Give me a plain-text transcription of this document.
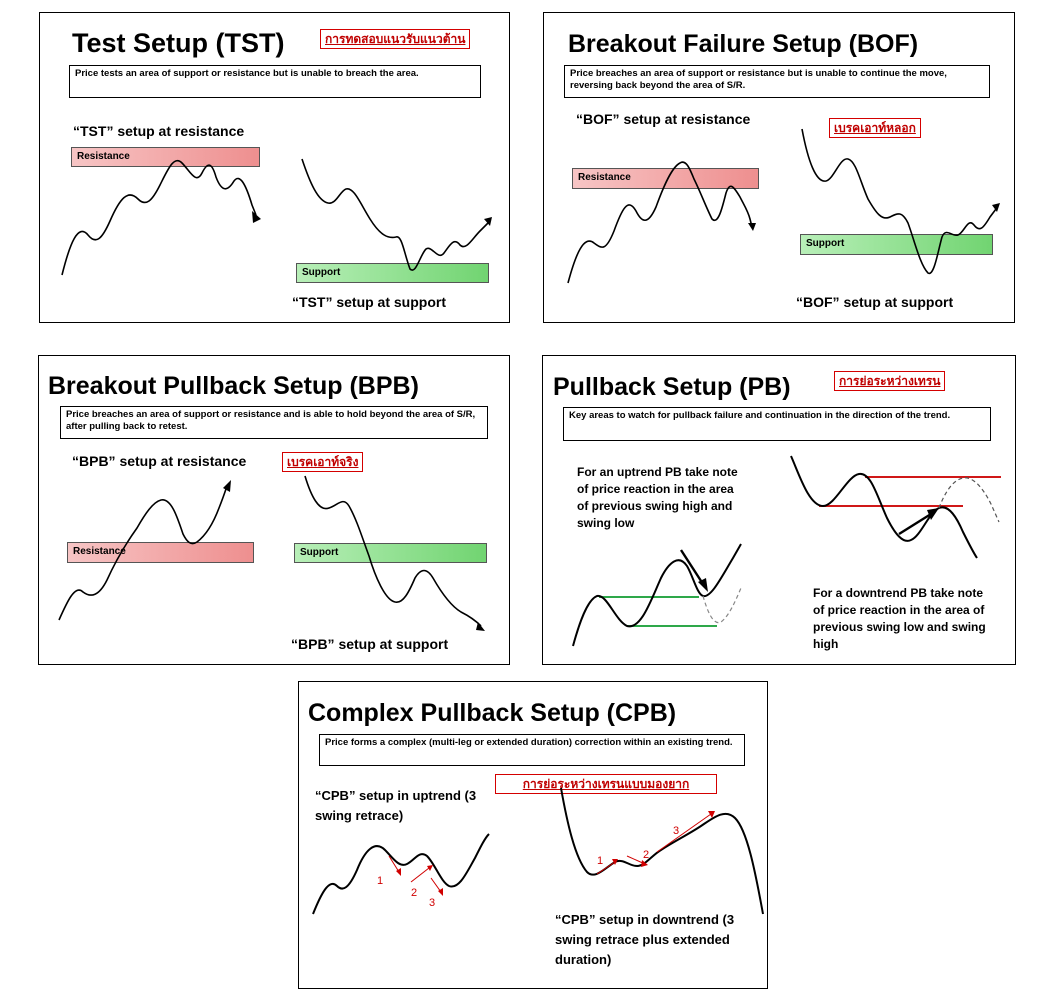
Test Setup (TST)	การทดสอบแนวรับแนวต้าน
Price tests an area of support or resistance but is unable to breach the area.
“TST” setup at resistance
Resistance
Support
“TST” setup at support
Breakout Failure Setup (BOF)
Price breaches an area of support or resistance but is unable to continue the move, reversing back beyond the area of S/R.
“BOF” setup at resistance
เบรคเอาท์หลอก
Resistance
Support
“BOF” setup at support
Breakout Pullback Setup (BPB)
Price breaches an area of support or resistance and is able to hold beyond the area of S/R, after pulling back to retest.
“BPB” setup at resistance	เบรคเอาท์จริง
Resistance	Support
“BPB” setup at support
Pullback Setup (PB)	การย่อระหว่างเทรน
Key areas to watch for pullback failure and continuation in the direction of the trend.
For an uptrend PB take note of price reaction in the area of previous swing high and swing low
For a downtrend PB take note of price reaction in the area of previous swing low and swing high
Complex Pullback Setup (CPB)
Price forms a complex (multi-leg or extended duration) correction within an existing trend.
การย่อระหว่างเทรนแบบมองยาก
“CPB” setup in uptrend (3 swing retrace)
“CPB” setup in downtrend (3 swing retrace plus extended duration)
1
2
3
1	2
3
